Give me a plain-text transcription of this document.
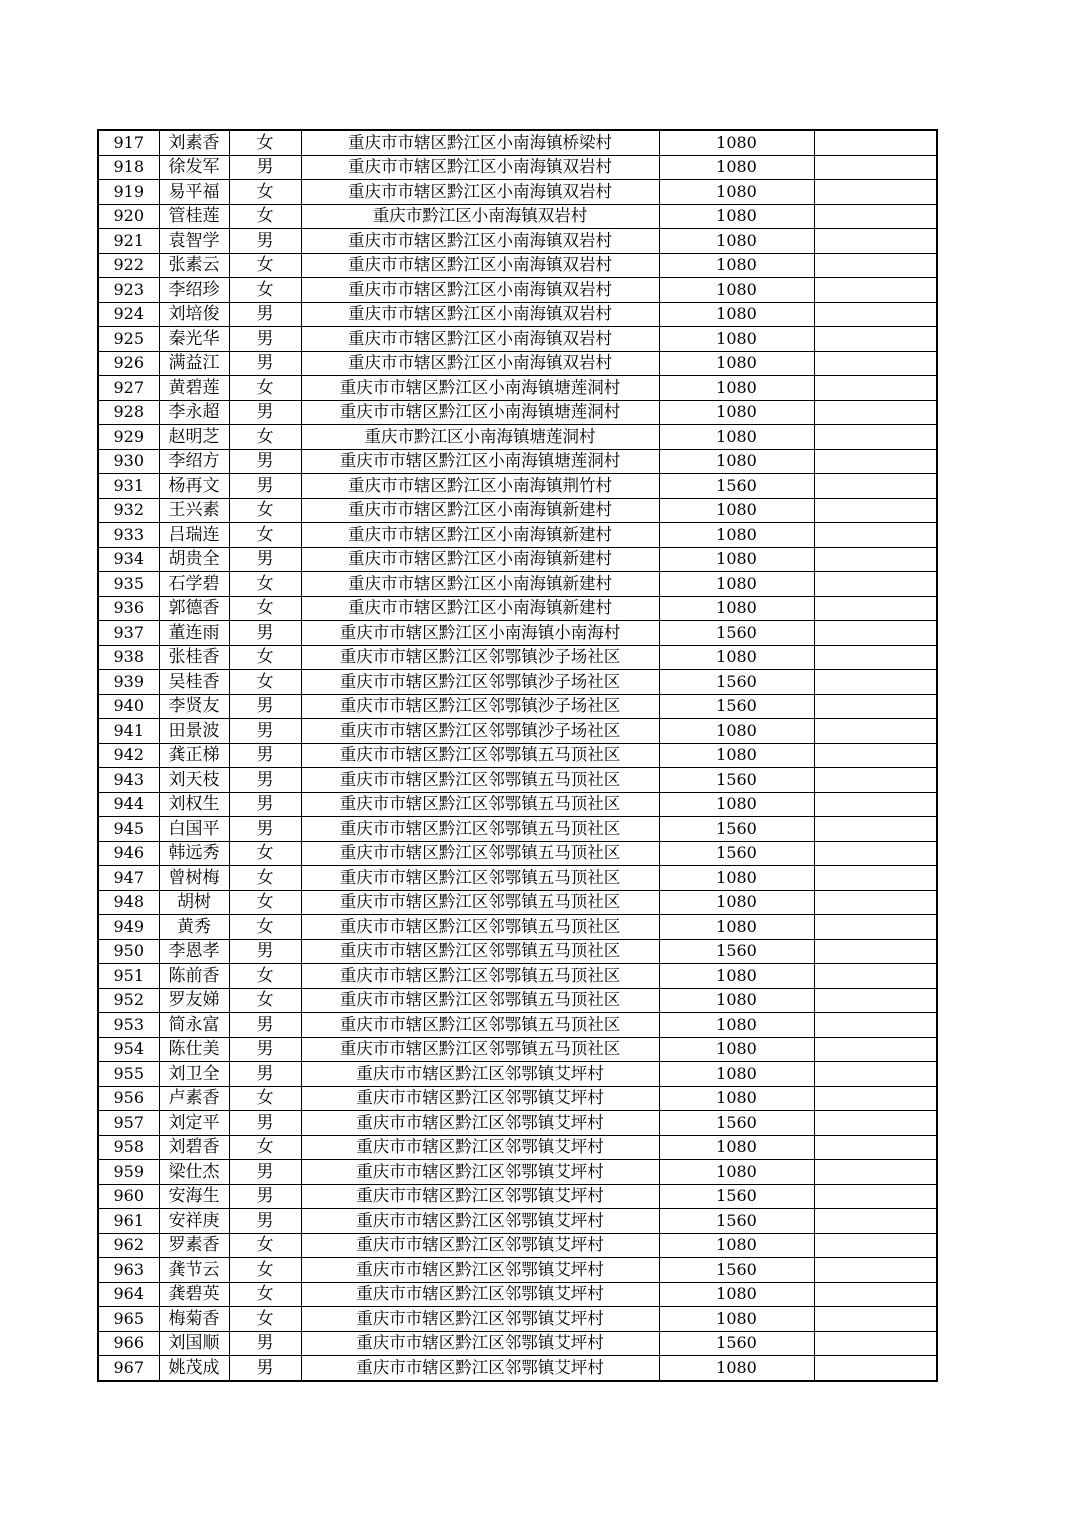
917	刘素香	女	重庆市市辖区黔江区小南海镇桥梁村	1080	
918	徐发军	男	重庆市市辖区黔江区小南海镇双岩村	1080	
919	易平福	女	重庆市市辖区黔江区小南海镇双岩村	1080	
920	管桂莲	女	重庆市黔江区小南海镇双岩村	1080	
921	袁智学	男	重庆市市辖区黔江区小南海镇双岩村	1080	
922	张素云	女	重庆市市辖区黔江区小南海镇双岩村	1080	
923	李绍珍	女	重庆市市辖区黔江区小南海镇双岩村	1080	
924	刘培俊	男	重庆市市辖区黔江区小南海镇双岩村	1080	
925	秦光华	男	重庆市市辖区黔江区小南海镇双岩村	1080	
926	满益江	男	重庆市市辖区黔江区小南海镇双岩村	1080	
927	黄碧莲	女	重庆市市辖区黔江区小南海镇塘莲洞村	1080	
928	李永超	男	重庆市市辖区黔江区小南海镇塘莲洞村	1080	
929	赵明芝	女	重庆市黔江区小南海镇塘莲洞村	1080	
930	李绍方	男	重庆市市辖区黔江区小南海镇塘莲洞村	1080	
931	杨再文	男	重庆市市辖区黔江区小南海镇荆竹村	1560	
932	王兴素	女	重庆市市辖区黔江区小南海镇新建村	1080	
933	吕瑞连	女	重庆市市辖区黔江区小南海镇新建村	1080	
934	胡贵全	男	重庆市市辖区黔江区小南海镇新建村	1080	
935	石学碧	女	重庆市市辖区黔江区小南海镇新建村	1080	
936	郭德香	女	重庆市市辖区黔江区小南海镇新建村	1080	
937	董连雨	男	重庆市市辖区黔江区小南海镇小南海村	1560	
938	张桂香	女	重庆市市辖区黔江区邻鄂镇沙子场社区	1080	
939	吴桂香	女	重庆市市辖区黔江区邻鄂镇沙子场社区	1560	
940	李贤友	男	重庆市市辖区黔江区邻鄂镇沙子场社区	1560	
941	田景波	男	重庆市市辖区黔江区邻鄂镇沙子场社区	1080	
942	龚正梯	男	重庆市市辖区黔江区邻鄂镇五马顶社区	1080	
943	刘天枝	男	重庆市市辖区黔江区邻鄂镇五马顶社区	1560	
944	刘权生	男	重庆市市辖区黔江区邻鄂镇五马顶社区	1080	
945	白国平	男	重庆市市辖区黔江区邻鄂镇五马顶社区	1560	
946	韩远秀	女	重庆市市辖区黔江区邻鄂镇五马顶社区	1560	
947	曾树梅	女	重庆市市辖区黔江区邻鄂镇五马顶社区	1080	
948	胡树	女	重庆市市辖区黔江区邻鄂镇五马顶社区	1080	
949	黄秀	女	重庆市市辖区黔江区邻鄂镇五马顶社区	1080	
950	李恩孝	男	重庆市市辖区黔江区邻鄂镇五马顶社区	1560	
951	陈前香	女	重庆市市辖区黔江区邻鄂镇五马顶社区	1080	
952	罗友娣	女	重庆市市辖区黔江区邻鄂镇五马顶社区	1080	
953	简永富	男	重庆市市辖区黔江区邻鄂镇五马顶社区	1080	
954	陈仕美	男	重庆市市辖区黔江区邻鄂镇五马顶社区	1080	
955	刘卫全	男	重庆市市辖区黔江区邻鄂镇艾坪村	1080	
956	卢素香	女	重庆市市辖区黔江区邻鄂镇艾坪村	1080	
957	刘定平	男	重庆市市辖区黔江区邻鄂镇艾坪村	1560	
958	刘碧香	女	重庆市市辖区黔江区邻鄂镇艾坪村	1080	
959	梁仕杰	男	重庆市市辖区黔江区邻鄂镇艾坪村	1080	
960	安海生	男	重庆市市辖区黔江区邻鄂镇艾坪村	1560	
961	安祥庚	男	重庆市市辖区黔江区邻鄂镇艾坪村	1560	
962	罗素香	女	重庆市市辖区黔江区邻鄂镇艾坪村	1080	
963	龚节云	女	重庆市市辖区黔江区邻鄂镇艾坪村	1560	
964	龚碧英	女	重庆市市辖区黔江区邻鄂镇艾坪村	1080	
965	梅菊香	女	重庆市市辖区黔江区邻鄂镇艾坪村	1080	
966	刘国顺	男	重庆市市辖区黔江区邻鄂镇艾坪村	1560	
967	姚茂成	男	重庆市市辖区黔江区邻鄂镇艾坪村	1080	
